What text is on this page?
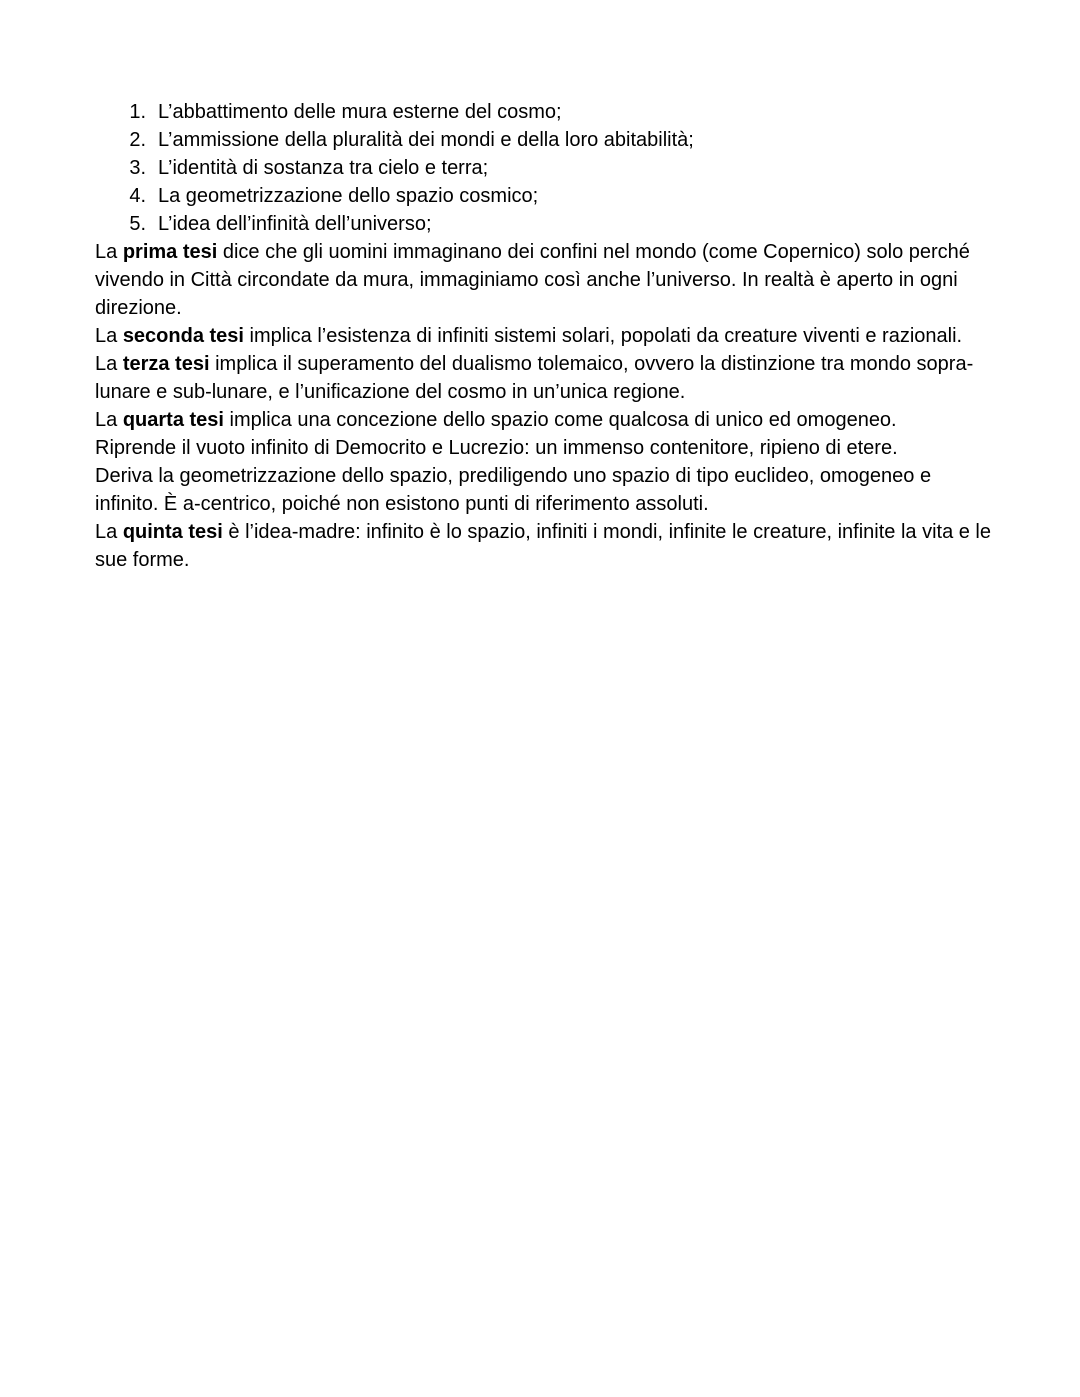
L’abbattimento delle mura esterne del cosmo;
L’ammissione della pluralità dei mondi e della loro abitabilità;
L’identità di sostanza tra cielo e terra;
La geometrizzazione dello spazio cosmico;
L’idea dell’infinità dell’universo;

La prima tesi dice che gli uomini immaginano dei confini nel mondo (come Copernico) solo perché vivendo in Città circondate da mura, immaginiamo così anche l’universo. In realtà è aperto in ogni direzione.

La seconda tesi implica l’esistenza di infiniti sistemi solari, popolati da creature viventi e razionali.

La terza tesi implica il superamento del dualismo tolemaico, ovvero la distinzione tra mondo sopra-lunare e sub-lunare, e l’unificazione del cosmo in un’unica regione.

La quarta tesi implica una concezione dello spazio come qualcosa di unico ed omogeneo.

Riprende il vuoto infinito di Democrito e Lucrezio: un immenso contenitore, ripieno di etere.

Deriva la geometrizzazione dello spazio, prediligendo uno spazio di tipo euclideo, omogeneo e infinito. È a-centrico, poiché non esistono punti di riferimento assoluti.

La quinta tesi è l’idea-madre: infinito è lo spazio, infiniti i mondi, infinite le creature, infinite la vita e le sue forme.
